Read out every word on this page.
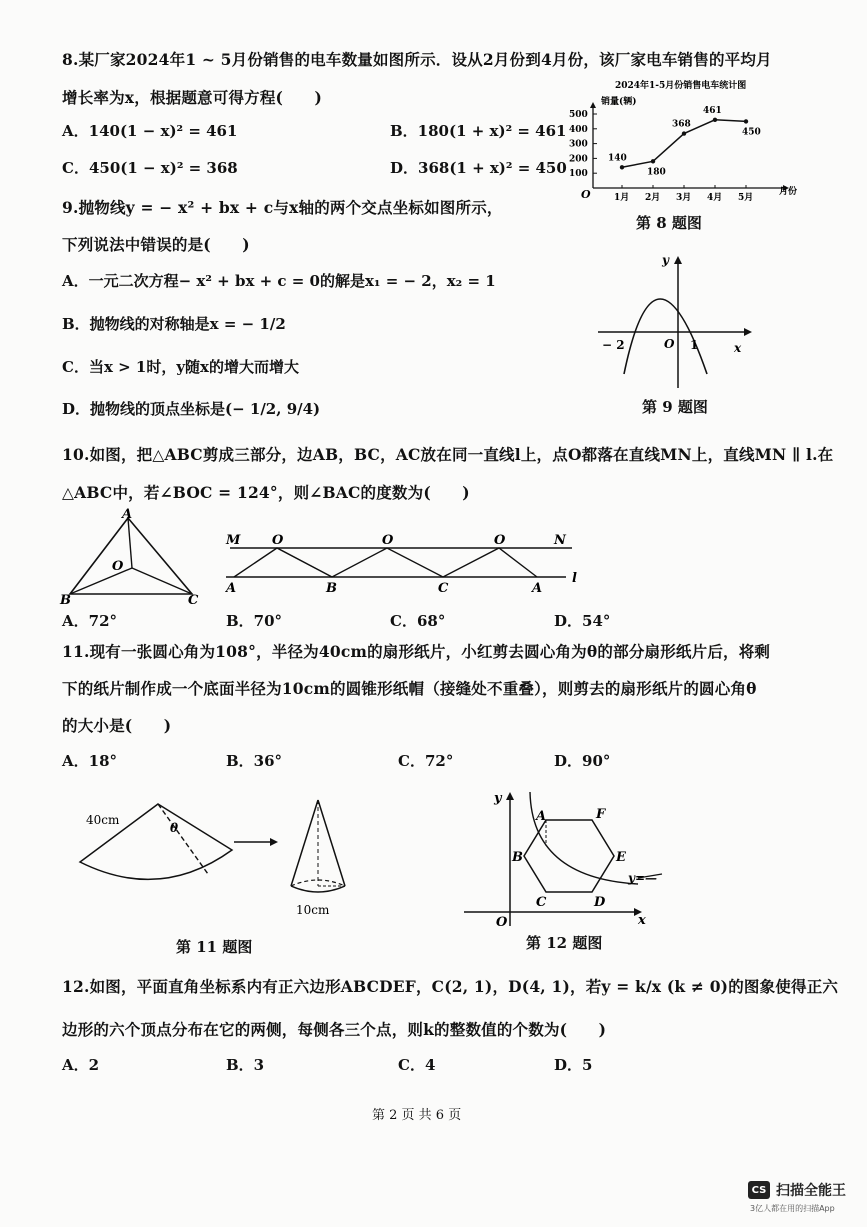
8.某厂家2024年1 ~ 5月份销售的电车数量如图所示．设从2月份到4月份，该厂家电车销售的平均月
增长率为x，根据题意可得方程(　　)
A．140(1 − x)² = 461	B．180(1 + x)² = 461
C．450(1 − x)² = 368	D．368(1 + x)² = 450
2024年1-5月份销售电车统计图
销量(辆)
100
200
300
400
500
1月 2月 3月 4月 5月
140
180
368
461
450
O	月份
第 8 题图
9.抛物线y = − x² + bx + c与x轴的两个交点坐标如图所示，
下列说法中错误的是(　　)
A．一元二次方程− x² + bx + c = 0的解是x₁ = − 2，x₂ = 1
B．抛物线的对称轴是x = − 1/2
C．当x > 1时，y随x的增大而增大
D．抛物线的顶点坐标是(− 1/2, 9/4)
y
x
O
− 2	1
第 9 题图
10.如图，把△ABC剪成三部分，边AB，BC，AC放在同一直线l上，点O都落在直线MN上，直线MN ∥ l.在
△ABC中，若∠BOC = 124°，则∠BAC的度数为(　　)
A
B	C
O
M	N
O	O	O
A	B	C	A
l
A．72°	B．70°	C．68°	D．54°
11.现有一张圆心角为108°，半径为40cm的扇形纸片，小红剪去圆心角为θ的部分扇形纸片后，将剩
下的纸片制作成一个底面半径为10cm的圆锥形纸帽（接缝处不重叠），则剪去的扇形纸片的圆心角θ
的大小是(　　)
A．18°	B．36°	C．72°	D．90°
40cm
θ
10cm
第 11 题图
y
x
O
A	F
B	E
C	D
y=—
第 12 题图
12.如图，平面直角坐标系内有正六边形ABCDEF，C(2, 1)，D(4, 1)，若y = k/x (k ≠ 0)的图象使得正六
边形的六个顶点分布在它的两侧，每侧各三个点，则k的整数值的个数为(　　)
A．2	B．3	C．4	D．5
第 2 页 共 6 页
CS 扫描全能王
3亿人都在用的扫描App
